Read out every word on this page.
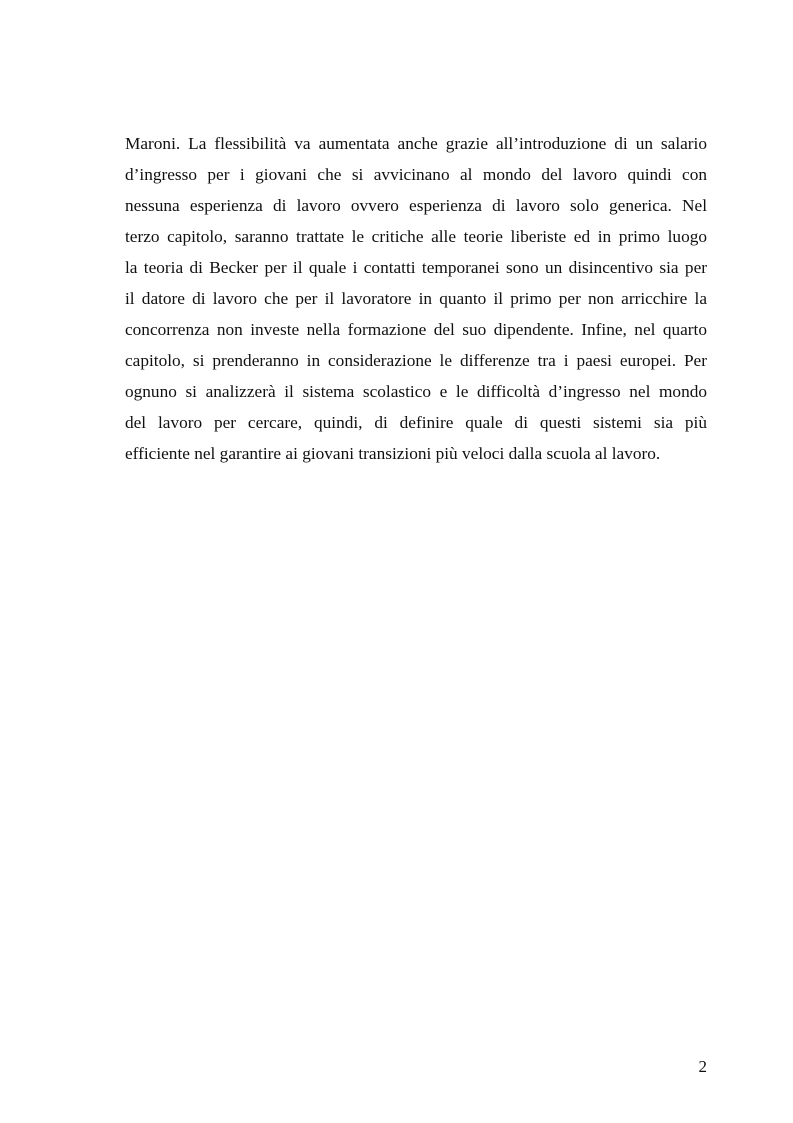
Maroni. La flessibilità va aumentata anche grazie all’introduzione di un salario
d’ingresso per i giovani che si avvicinano al mondo del lavoro quindi con
nessuna esperienza di lavoro ovvero esperienza di lavoro solo generica. Nel
terzo capitolo, saranno trattate le critiche alle teorie liberiste ed in primo luogo
la teoria di Becker per il quale i contatti temporanei sono un disincentivo sia per
il datore di lavoro che per il lavoratore in quanto il primo per non arricchire la
concorrenza non investe nella formazione del suo dipendente. Infine, nel quarto
capitolo, si prenderanno in considerazione le differenze tra i paesi europei. Per
ognuno si analizzerà il sistema scolastico e le difficoltà d’ingresso nel mondo
del lavoro per cercare, quindi, di definire quale di questi sistemi sia più
efficiente nel garantire ai giovani transizioni più veloci dalla scuola al lavoro.
2
